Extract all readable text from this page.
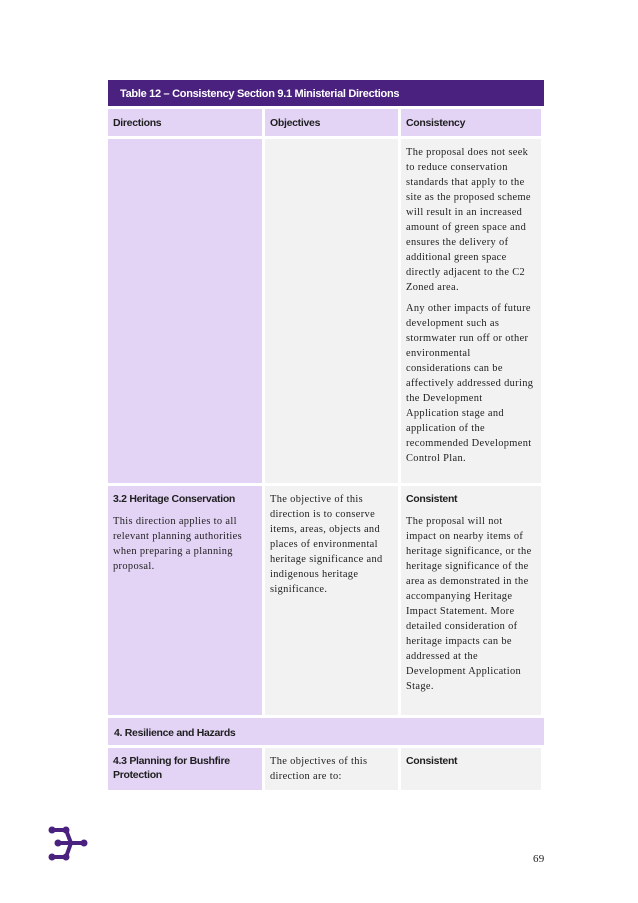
Table 12 – Consistency Section 9.1 Ministerial Directions
Directions	Objectives	Consistency

The proposal does not seek to reduce conservation standards that apply to the site as the proposed scheme will result in an increased amount of green space and ensures the delivery of additional green space directly adjacent to the C2 Zoned area.

Any other impacts of future development such as stormwater run off or other environmental considerations can be affectively addressed during the Development Application stage and application of the recommended Development Control Plan.

3.2 Heritage Conservation

This direction applies to all relevant planning authorities when preparing a planning proposal.

The objective of this direction is to conserve items, areas, objects and places of environmental heritage significance and indigenous heritage significance.

Consistent

The proposal will not impact on nearby items of heritage significance, or the heritage significance of the area as demonstrated in the accompanying Heritage Impact Statement. More detailed consideration of heritage impacts can be addressed at the Development Application Stage.

4. Resilience and Hazards

4.3 Planning for Bushfire Protection

The objectives of this direction are to:

Consistent

69
